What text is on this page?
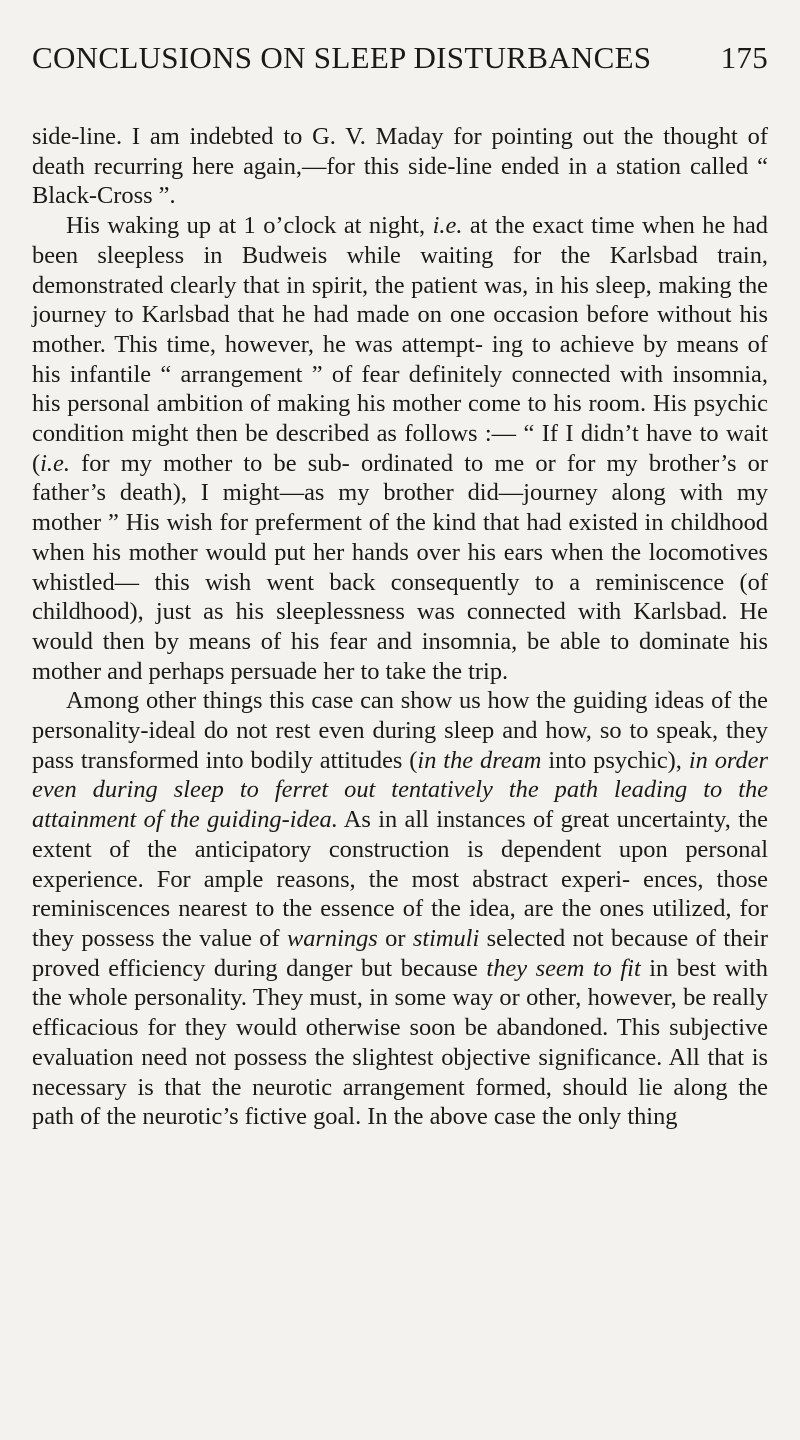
CONCLUSIONS ON SLEEP DISTURBANCES 175

side-line. I am indebted to G. V. Maday for pointing out the thought of death recurring here again,—for this side-line ended in a station called “ Black-Cross ”.

His waking up at 1 o’clock at night, i.e. at the exact time when he had been sleepless in Budweis while waiting for the Karlsbad train, demonstrated clearly that in spirit, the patient was, in his sleep, making the journey to Karlsbad that he had made on one occasion before without his mother. This time, however, he was attempt- ing to achieve by means of his infantile “ arrangement ” of fear definitely connected with insomnia, his personal ambition of making his mother come to his room. His psychic condition might then be described as follows :— “ If I didn’t have to wait (i.e. for my mother to be sub- ordinated to me or for my brother’s or father’s death), I might—as my brother did—journey along with my mother ” His wish for preferment of the kind that had existed in childhood when his mother would put her hands over his ears when the locomotives whistled— this wish went back consequently to a reminiscence (of childhood), just as his sleeplessness was connected with Karlsbad. He would then by means of his fear and insomnia, be able to dominate his mother and perhaps persuade her to take the trip.

Among other things this case can show us how the guiding ideas of the personality-ideal do not rest even during sleep and how, so to speak, they pass transformed into bodily attitudes (in the dream into psychic), in order even during sleep to ferret out tentatively the path leading to the attainment of the guiding-idea. As in all instances of great uncertainty, the extent of the anticipatory construction is dependent upon personal experience. For ample reasons, the most abstract experi- ences, those reminiscences nearest to the essence of the idea, are the ones utilized, for they possess the value of warnings or stimuli selected not because of their proved efficiency during danger but because they seem to fit in best with the whole personality. They must, in some way or other, however, be really efficacious for they would otherwise soon be abandoned. This subjective evaluation need not possess the slightest objective significance. All that is necessary is that the neurotic arrangement formed, should lie along the path of the neurotic’s fictive goal. In the above case the only thing
